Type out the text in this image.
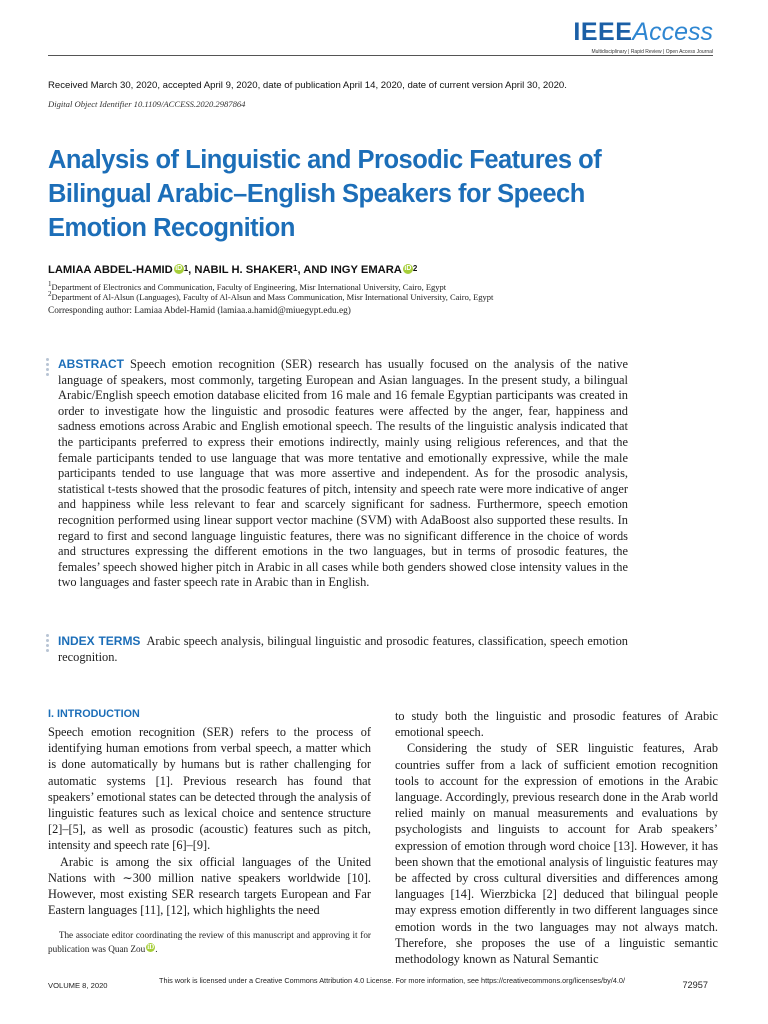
IEEEAccess
Multidisciplinary | Rapid Review | Open Access Journal
Received March 30, 2020, accepted April 9, 2020, date of publication April 14, 2020, date of current version April 30, 2020.
Digital Object Identifier 10.1109/ACCESS.2020.2987864
Analysis of Linguistic and Prosodic Features of Bilingual Arabic–English Speakers for Speech Emotion Recognition
LAMIAA ABDEL-HAMID iD $^1$, NABIL H. SHAKER$^1$, AND INGY EMARA iD $^2$
$^1$Department of Electronics and Communication, Faculty of Engineering, Misr International University, Cairo, Egypt
$^2$Department of Al-Alsun (Languages), Faculty of Al-Alsun and Mass Communication, Misr International University, Cairo, Egypt
Corresponding author: Lamiaa Abdel-Hamid (lamiaa.a.hamid@miuegypt.edu.eg)
ABSTRACT Speech emotion recognition (SER) research has usually focused on the analysis of the native language of speakers, most commonly, targeting European and Asian languages. In the present study, a bilingual Arabic/English speech emotion database elicited from 16 male and 16 female Egyptian participants was created in order to investigate how the linguistic and prosodic features were affected by the anger, fear, happiness and sadness emotions across Arabic and English emotional speech. The results of the linguistic analysis indicated that the participants preferred to express their emotions indirectly, mainly using religious references, and that the female participants tended to use language that was more tentative and emotionally expressive, while the male participants tended to use language that was more assertive and independent. As for the prosodic analysis, statistical t-tests showed that the prosodic features of pitch, intensity and speech rate were more indicative of anger and happiness while less relevant to fear and scarcely significant for sadness. Furthermore, speech emotion recognition performed using linear support vector machine (SVM) with AdaBoost also supported these results. In regard to first and second language linguistic features, there was no significant difference in the choice of words and structures expressing the different emotions in the two languages, but in terms of prosodic features, the females’ speech showed higher pitch in Arabic in all cases while both genders showed close intensity values in the two languages and faster speech rate in Arabic than in English.
INDEX TERMS Arabic speech analysis, bilingual linguistic and prosodic features, classification, speech emotion recognition.
I. INTRODUCTION

Speech emotion recognition (SER) refers to the process of identifying human emotions from verbal speech, a matter which is done automatically by humans but is rather challenging for automatic systems [1]. Previous research has found that speakers’ emotional states can be detected through the analysis of linguistic features such as lexical choice and sentence structure [2]–[5], as well as prosodic (acoustic) features such as pitch, intensity and speech rate [6]–[9].

Arabic is among the six official languages of the United Nations with ∼300 million native speakers worldwide [10]. However, most existing SER research targets European and Far Eastern languages [11], [12], which highlights the need

to study both the linguistic and prosodic features of Arabic emotional speech.

Considering the study of SER linguistic features, Arab countries suffer from a lack of sufficient emotion recognition tools to account for the expression of emotions in the Arabic language. Accordingly, previous research done in the Arab world relied mainly on manual measurements and evaluations by psychologists and linguists to account for Arab speakers’ expression of emotion through word choice [13]. However, it has been shown that the emotional analysis of linguistic features may be affected by cross cultural diversities and differences among languages [14]. Wierzbicka [2] deduced that bilingual people may express emotion differently in two different languages since emotion words in the two languages may not always match. Therefore, she proposes the use of a linguistic semantic methodology known as Natural Semantic

The associate editor coordinating the review of this manuscript and approving it for publication was Quan Zou iD.
VOLUME 8, 2020
This work is licensed under a Creative Commons Attribution 4.0 License. For more information, see https://creativecommons.org/licenses/by/4.0/	72957
